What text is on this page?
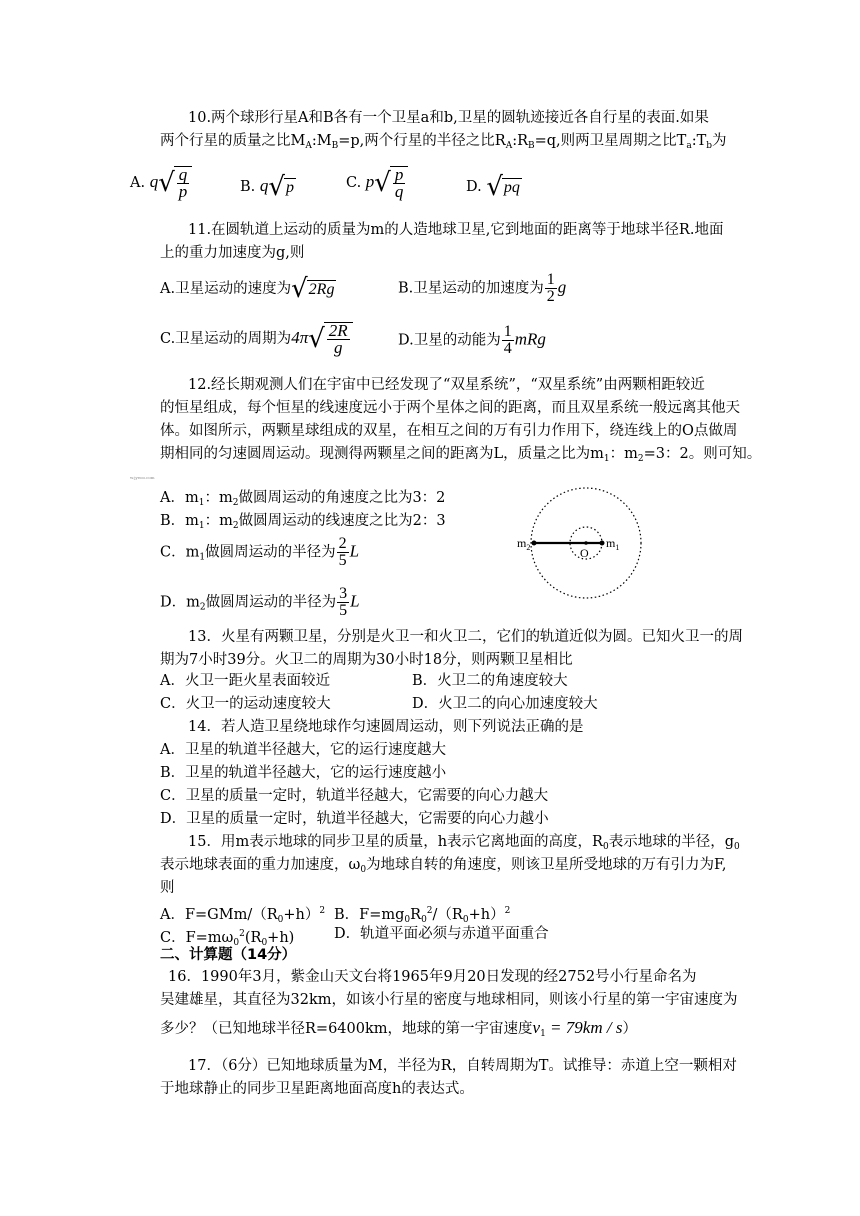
10.两个球形行星A和B各有一个卫星a和b,卫星的圆轨迹接近各自行星的表面.如果
两个行星的质量之比$M_A:M_B=p$,两个行星的半径之比$R_A:R_B=q$,则两卫星周期之比$T_a:T_b$为
A. q √ $\frac{q}{p}$	B. q √ p	C. p √ $\frac{p}{q}$	D. √ pq
11.在圆轨道上运动的质量为m的人造地球卫星,它到地面的距离等于地球半径R.地面
上的重力加速度为g,则
A.卫星运动的速度为 √ 2Rg	B.卫星运动的加速度为 $\frac{1}{2}$ g
C.卫星运动的周期为4π √ $\frac{2R}{g}$	D.卫星的动能为 $\frac{1}{4}$ mRg
12.经长期观测人们在宇宙中已经发现了“双星系统”，“双星系统”由两颗相距较近
的恒星组成，每个恒星的线速度远小于两个星体之间的距离，而且双星系统一般远离其他天
体。如图所示，两颗星球组成的双星，在相互之间的万有引力作用下，绕连线上的O点做周
期相同的匀速圆周运动。现测得两颗星之间的距离为L，质量之比为$m_1$：$m_2=3$：2。则可知。
w.jyeoo.com
A．$m_1$：$m_2$做圆周运动的角速度之比为3：2
B．$m_1$：$m_2$做圆周运动的线速度之比为2：3
C．$m_1$做圆周运动的半径为 $\frac{2}{5}$ L
D．$m_2$做圆周运动的半径为 $\frac{3}{5}$ L
$m_2$	$m_1$
O
13．火星有两颗卫星，分别是火卫一和火卫二，它们的轨道近似为圆。已知火卫一的周
期为7小时39分。火卫二的周期为30小时18分，则两颗卫星相比
A．火卫一距火星表面较近	B．火卫二的角速度较大
C．火卫一的运动速度较大	D．火卫二的向心加速度较大
14．若人造卫星绕地球作匀速圆周运动，则下列说法正确的是
A．卫星的轨道半径越大，它的运行速度越大
B．卫星的轨道半径越大，它的运行速度越小
C．卫星的质量一定时，轨道半径越大，它需要的向心力越大
D．卫星的质量一定时，轨道半径越大，它需要的向心力越小
15．用m表示地球的同步卫星的质量，h表示它离地面的高度，$R_0$表示地球的半径，$g_0$
表示地球表面的重力加速度，$\omega_0$为地球自转的角速度，则该卫星所受地球的万有引力为F,
则
A．$F=GMm/(R_0+h)^2$ B．$F=mg_0R_0^2/(R_0+h)^2$
C．$F=m\omega_0^2(R_0+h)$	D．轨道平面必须与赤道平面重合
二、计算题（14分）
16．1990年3月，紫金山天文台将1965年9月20日发现的经2752号小行星命名为
吴建雄星，其直径为32km，如该小行星的密度与地球相同，则该小行星的第一宇宙速度为
多少？（已知地球半径R=6400km，地球的第一宇宙速度$v_1 = 79km / s$）
17．（6分）已知地球质量为M，半径为R，自转周期为T。试推导：赤道上空一颗相对
于地球静止的同步卫星距离地面高度h的表达式。
